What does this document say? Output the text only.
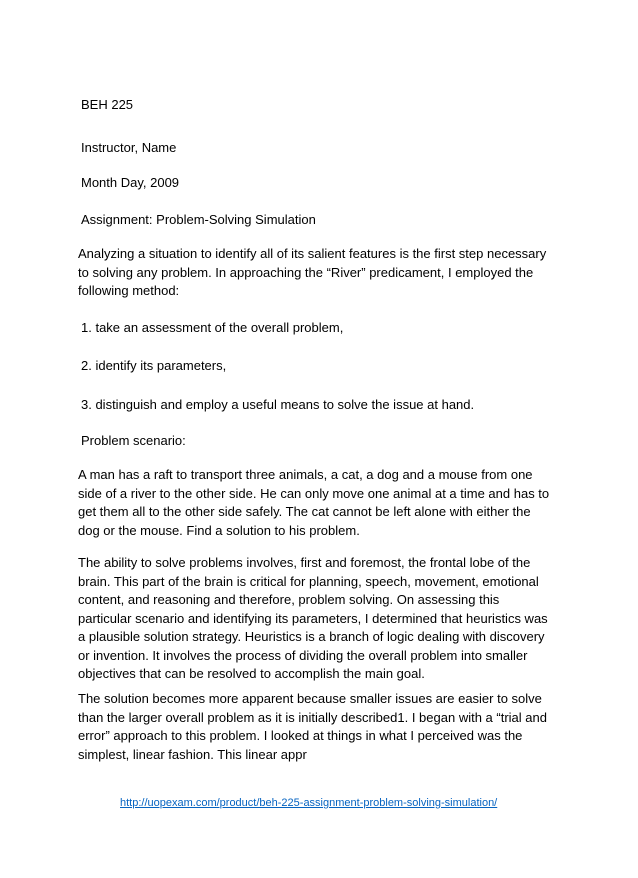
BEH 225
Instructor, Name
Month Day, 2009
Assignment: Problem-Solving Simulation

Analyzing a situation to identify all of its salient features is the first step necessary
to solving any problem. In approaching the “River” predicament, I employed the
following method:

1. take an assessment of the overall problem,
2. identify its parameters,
3. distinguish and employ a useful means to solve the issue at hand.
Problem scenario:

A man has a raft to transport three animals, a cat, a dog and a mouse from one
side of a river to the other side. He can only move one animal at a time and has to
get them all to the other side safely. The cat cannot be left alone with either the
dog or the mouse. Find a solution to his problem.

The ability to solve problems involves, first and foremost, the frontal lobe of the
brain. This part of the brain is critical for planning, speech, movement, emotional
content, and reasoning and therefore, problem solving. On assessing this
particular scenario and identifying its parameters, I determined that heuristics was
a plausible solution strategy. Heuristics is a branch of logic dealing with discovery
or invention. It involves the process of dividing the overall problem into smaller
objectives that can be resolved to accomplish the main goal.

The solution becomes more apparent because smaller issues are easier to solve
than the larger overall problem as it is initially described1. I began with a “trial and
error” approach to this problem. I looked at things in what I perceived was the
simplest, linear fashion. This linear appr

http://uopexam.com/product/beh-225-assignment-problem-solving-simulation/
